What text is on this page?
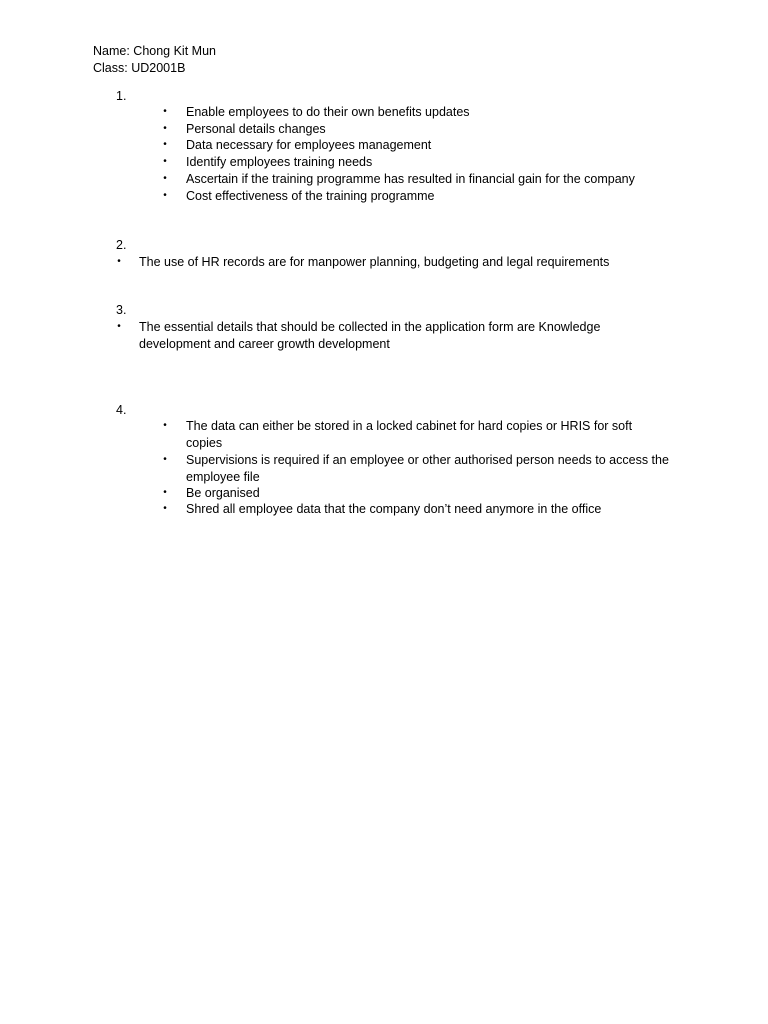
Name: Chong Kit Mun
Class: UD2001B
1.
• Enable employees to do their own benefits updates
• Personal details changes
• Data necessary for employees management
• Identify employees training needs
• Ascertain if the training programme has resulted in financial gain for the company
• Cost effectiveness of the training programme
2.
• The use of HR records are for manpower planning, budgeting and legal requirements
3.
• The essential details that should be collected in the application form are Knowledge development and career growth development
4.
• The data can either be stored in a locked cabinet for hard copies or HRIS for soft copies
• Supervisions is required if an employee or other authorised person needs to access the employee file
• Be organised
• Shred all employee data that the company don’t need anymore in the office
